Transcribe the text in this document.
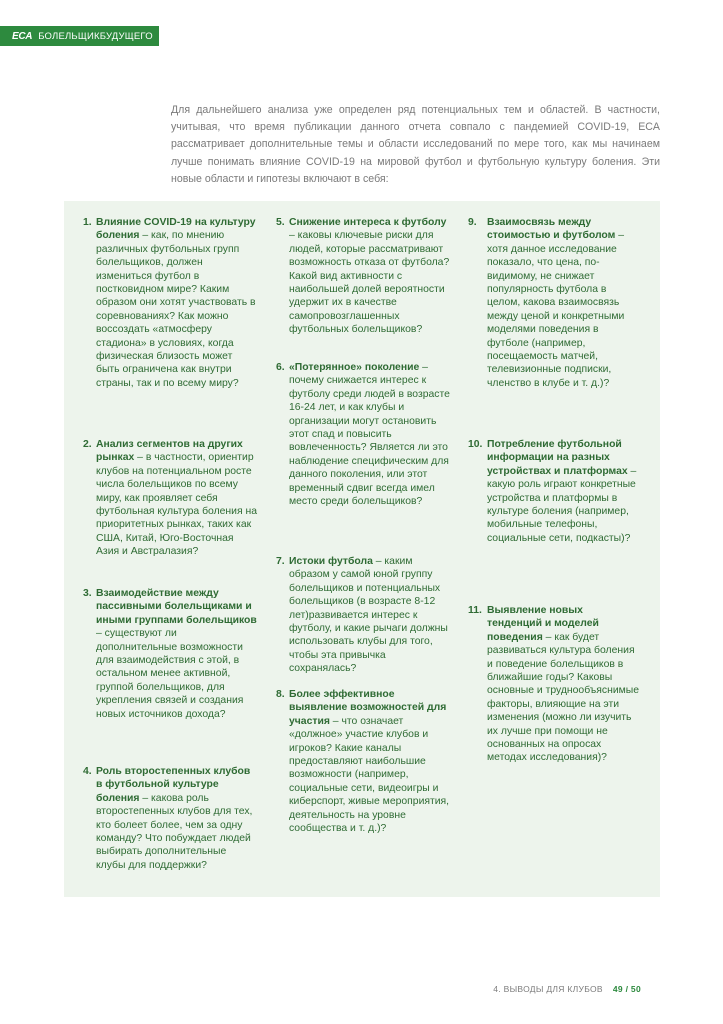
ECA БОЛЕЛЬЩИКБУДУЩЕГО
Для дальнейшего анализа уже определен ряд потенциальных тем и областей. В частности, учитывая, что время публикации данного отчета совпало с пандемией COVID-19, ECA рассматривает дополнительные темы и области исследований по мере того, как мы начинаем лучше понимать влияние COVID-19 на мировой футбол и футбольную культуру боления. Эти новые области и гипотезы включают в себя:
1. Влияние COVID-19 на культуру боления – как, по мнению различных футбольных групп болельщиков, должен измениться футбол в постковидном мире? Каким образом они хотят участвовать в соревнованиях? Как можно воссоздать «атмосферу стадиона» в условиях, когда физическая близость может быть ограничена как внутри страны, так и по всему миру?
2. Анализ сегментов на других рынках – в частности, ориентир клубов на потенциальном росте числа болельщиков по всему миру, как проявляет себя футбольная культура боления на приоритетных рынках, таких как США, Китай, Юго-Восточная Азия и Австралазия?
3. Взаимодействие между пассивными болельщиками и иными группами болельщиков – существуют ли дополнительные возможности для взаимодействия с этой, в остальном менее активной, группой болельщиков, для укрепления связей и создания новых источников дохода?
4. Роль второстепенных клубов в футбольной культуре боления – какова роль второстепенных клубов для тех, кто болеет более, чем за одну команду? Что побуждает людей выбирать дополнительные клубы для поддержки?
5. Снижение интереса к футболу – каковы ключевые риски для людей, которые рассматривают возможность отказа от футбола? Какой вид активности с наибольшей долей вероятности удержит их в качестве самопровозглашенных футбольных болельщиков?
6. «Потерянное» поколение – почему снижается интерес к футболу среди людей в возрасте 16-24 лет, и как клубы и организации могут остановить этот спад и повысить вовлеченность? Является ли это наблюдение специфическим для данного поколения, или этот временный сдвиг всегда имел место среди болельщиков?
7. Истоки футбола – каким образом у самой юной группу болельщиков и потенциальных болельщиков (в возрасте 8-12 лет)развивается интерес к футболу, и какие рычаги должны использовать клубы для того, чтобы эта привычка сохранялась?
8. Более эффективное выявление возможностей для участия – что означает «должное» участие клубов и игроков? Какие каналы предоставляют наибольшие возможности (например, социальные сети, видеоигры и киберспорт, живые мероприятия, деятельность на уровне сообщества и т. д.)?
9. Взаимосвязь между стоимостью и футболом – хотя данное исследование показало, что цена, по-видимому, не снижает популярность футбола в целом, какова взаимосвязь между ценой и конкретными моделями поведения в футболе (например, посещаемость матчей, телевизионные подписки, членство в клубе и т. д.)?
10. Потребление футбольной информации на разных устройствах и платформах – какую роль играют конкретные устройства и платформы в культуре боления (например, мобильные телефоны, социальные сети, подкасты)?
11. Выявление новых тенденций и моделей поведения – как будет развиваться культура боления и поведение болельщиков в ближайшие годы? Каковы основные и труднообъяснимые факторы, влияющие на эти изменения (можно ли изучить их лучше при помощи не основанных на опросах методах исследования)?
4. ВЫВОДЫ ДЛЯ КЛУБОВ 49 / 50
